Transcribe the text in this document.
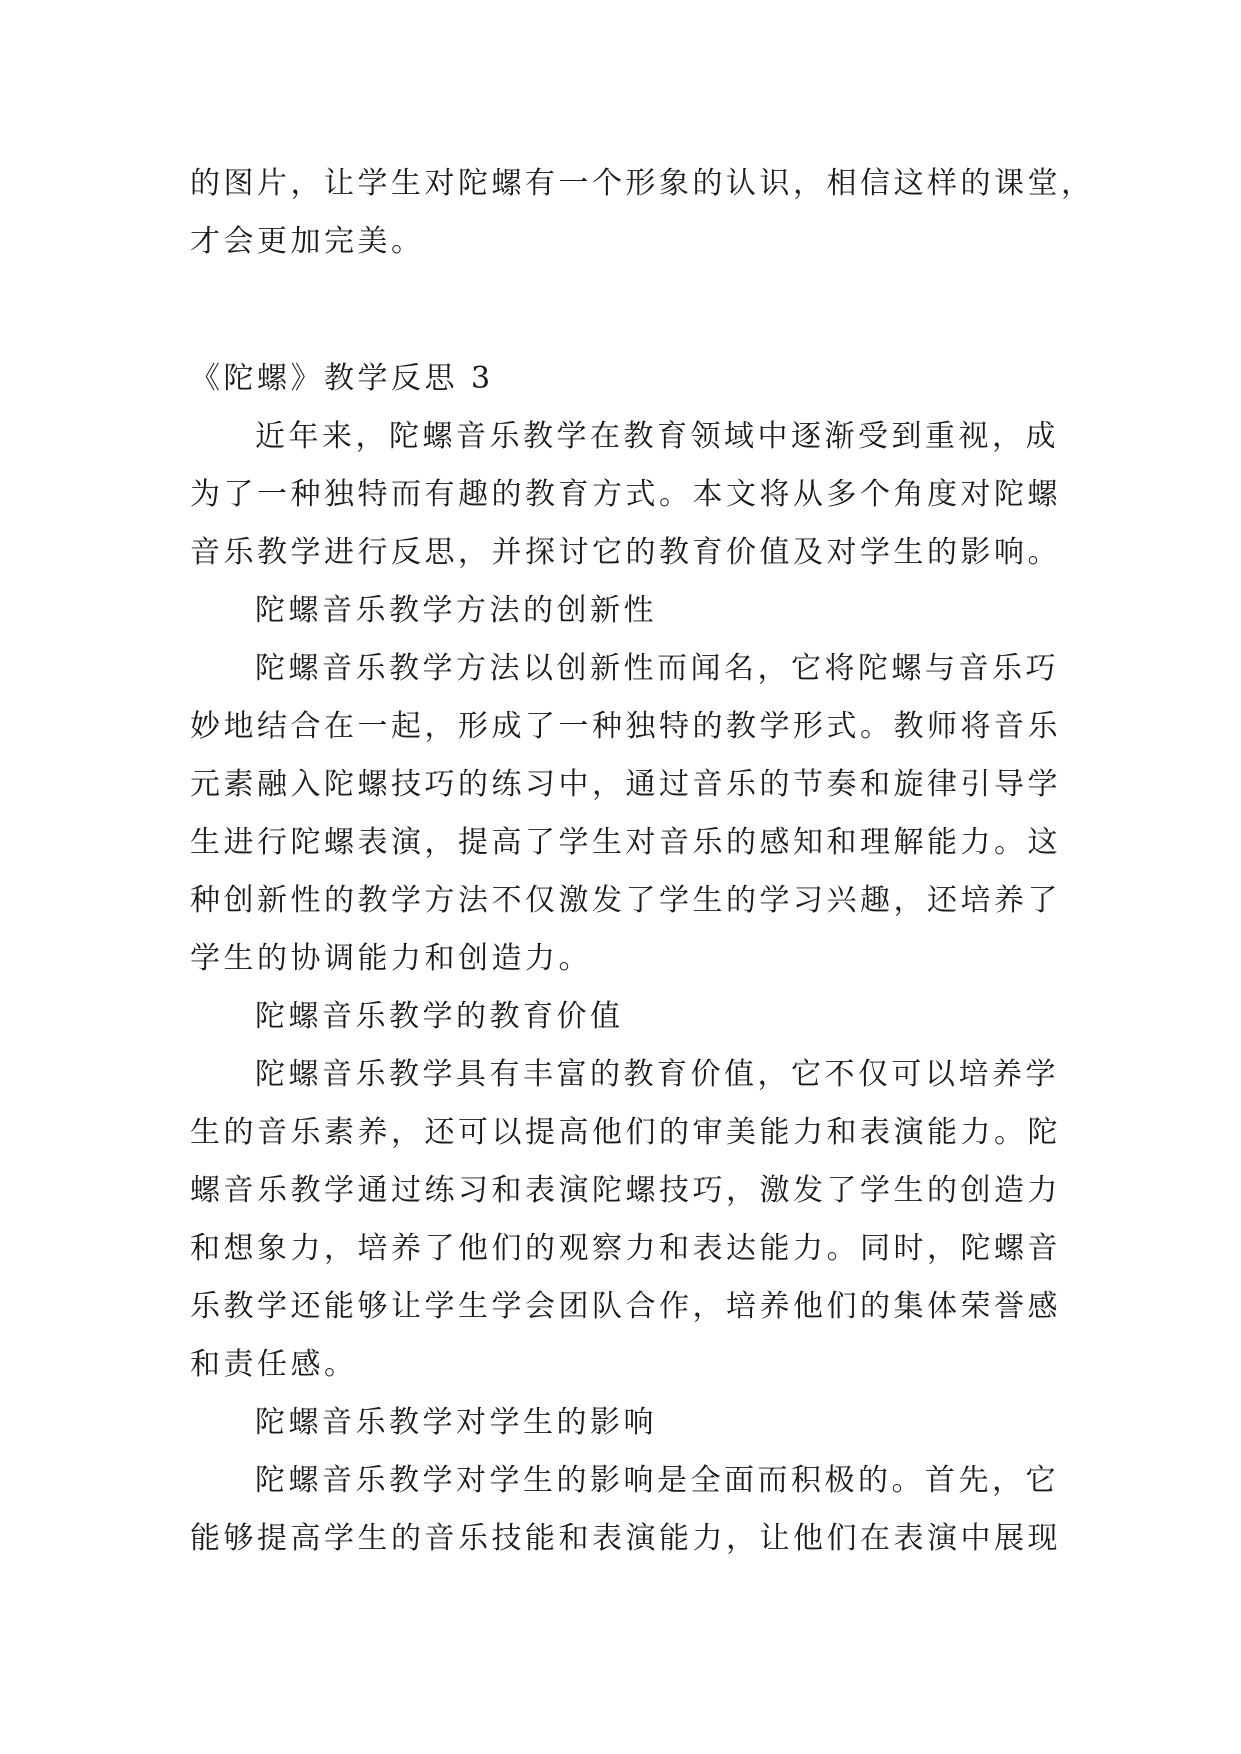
的图片，让学生对陀螺有一个形象的认识，相信这样的课堂，

才会更加完美。

《陀螺》教学反思 3

近年来，陀螺音乐教学在教育领域中逐渐受到重视，成

为了一种独特而有趣的教育方式。本文将从多个角度对陀螺

音乐教学进行反思，并探讨它的教育价值及对学生的影响。

陀螺音乐教学方法的创新性

陀螺音乐教学方法以创新性而闻名，它将陀螺与音乐巧

妙地结合在一起，形成了一种独特的教学形式。教师将音乐

元素融入陀螺技巧的练习中，通过音乐的节奏和旋律引导学

生进行陀螺表演，提高了学生对音乐的感知和理解能力。这

种创新性的教学方法不仅激发了学生的学习兴趣，还培养了

学生的协调能力和创造力。

陀螺音乐教学的教育价值

陀螺音乐教学具有丰富的教育价值，它不仅可以培养学

生的音乐素养，还可以提高他们的审美能力和表演能力。陀

螺音乐教学通过练习和表演陀螺技巧，激发了学生的创造力

和想象力，培养了他们的观察力和表达能力。同时，陀螺音

乐教学还能够让学生学会团队合作，培养他们的集体荣誉感

和责任感。

陀螺音乐教学对学生的影响

陀螺音乐教学对学生的影响是全面而积极的。首先，它

能够提高学生的音乐技能和表演能力，让他们在表演中展现
